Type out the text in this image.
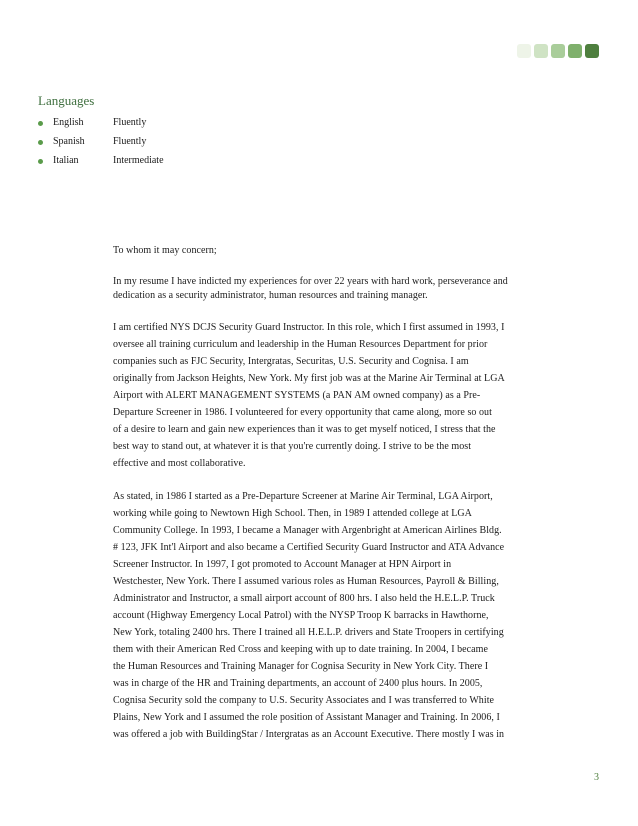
Languages
English	Fluently
Spanish	Fluently
Italian	Intermediate

To whom it may concern;

In my resume I have indicted my experiences for over 22 years with hard work, perseverance and
dedication as a security administrator, human resources and training manager.

I am certified NYS DCJS Security Guard Instructor. In this role, which I first assumed in 1993, I
oversee all training curriculum and leadership in the Human Resources Department for prior
companies such as FJC Security, Intergratas, Securitas, U.S. Security and Cognisa. I am
originally from Jackson Heights, New York. My first job was at the Marine Air Terminal at LGA
Airport with ALERT MANAGEMENT SYSTEMS (a PAN AM owned company) as a Pre-
Departure Screener in 1986. I volunteered for every opportunity that came along, more so out
of a desire to learn and gain new experiences than it was to get myself noticed, I stress that the
best way to stand out, at whatever it is that you're currently doing. I strive to be the most
effective and most collaborative.

As stated, in 1986 I started as a Pre-Departure Screener at Marine Air Terminal, LGA Airport,
working while going to Newtown High School. Then, in 1989 I attended college at LGA
Community College. In 1993, I became a Manager with Argenbright at American Airlines Bldg.
# 123, JFK Int'l Airport and also became a Certified Security Guard Instructor and ATA Advance
Screener Instructor. In 1997, I got promoted to Account Manager at HPN Airport in
Westchester, New York. There I assumed various roles as Human Resources, Payroll & Billing,
Administrator and Instructor, a small airport account of 800 hrs. I also held the H.E.L.P. Truck
account (Highway Emergency Local Patrol) with the NYSP Troop K barracks in Hawthorne,
New York, totaling 2400 hrs. There I trained all H.E.L.P. drivers and State Troopers in certifying
them with their American Red Cross and keeping with up to date training. In 2004, I became
the Human Resources and Training Manager for Cognisa Security in New York City. There I
was in charge of the HR and Training departments, an account of 2400 plus hours. In 2005,
Cognisa Security sold the company to U.S. Security Associates and I was transferred to White
Plains, New York and I assumed the role position of Assistant Manager and Training. In 2006, I
was offered a job with BuildingStar / Intergratas as an Account Executive. There mostly I was in

3
